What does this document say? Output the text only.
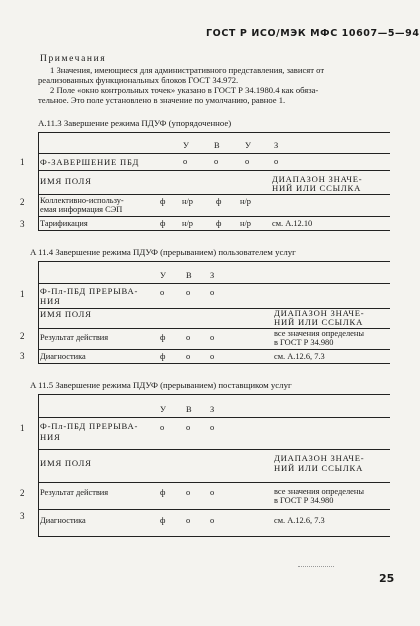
ГОСТ Р ИСО/МЭК МФС 10607—5—94
Примечания
1 Значения, имеющиеся для административного представления, зависят от
реализованных функциональных блоков ГОСТ 34.972.
2 Поле «окно контрольных точек» указано в ГОСТ Р 34.1980.4 как обяза-
тельное. Это поле установлено в значение по умолчанию, равное 1.
A.11.3 Завершение режима ПДУФ (упорядоченное)
У	В	У	З
1 Ф-ЗАВЕРШЕНИЕ ПБД	о	о	о	о
ИМЯ ПОЛЯ	ДИАПАЗОН ЗНАЧЕ-
НИЙ ИЛИ ССЫЛКА
2 Коллективно-использу-
емая информация СЭП
ф н/р	ф н/р
3 Тарификация	ф н/р	ф н/р	см. А.12.10
A 11.4 Завершение режима ПДУФ (прерыванием) пользователем услуг
У В З
1 Ф-Пл-ПБД ПРЕРЫВА-
НИЯ
о	о о
ИМЯ ПОЛЯ	ДИАПАЗОН ЗНАЧЕ-
НИЙ ИЛИ ССЫЛКА
2 Результат действия	ф о о	все значения определены
в ГОСТ Р 34.980
3 Диагностика	ф о о	см. А.12.6, 7.3
A 11.5 Завершение режима ПДУФ (прерыванием) поставщиком услуг
У В З
1 Ф-Пл-ПБД ПРЕРЫВА-
НИЯ
о	о о
ИМЯ ПОЛЯ	ДИАПАЗОН ЗНАЧЕ-
НИЙ ИЛИ ССЫЛКА
2 Результат действия	ф о о	все значения определены
в ГОСТ Р 34.980
3 Диагностика	ф о о	см. А.12.6, 7.3
25
